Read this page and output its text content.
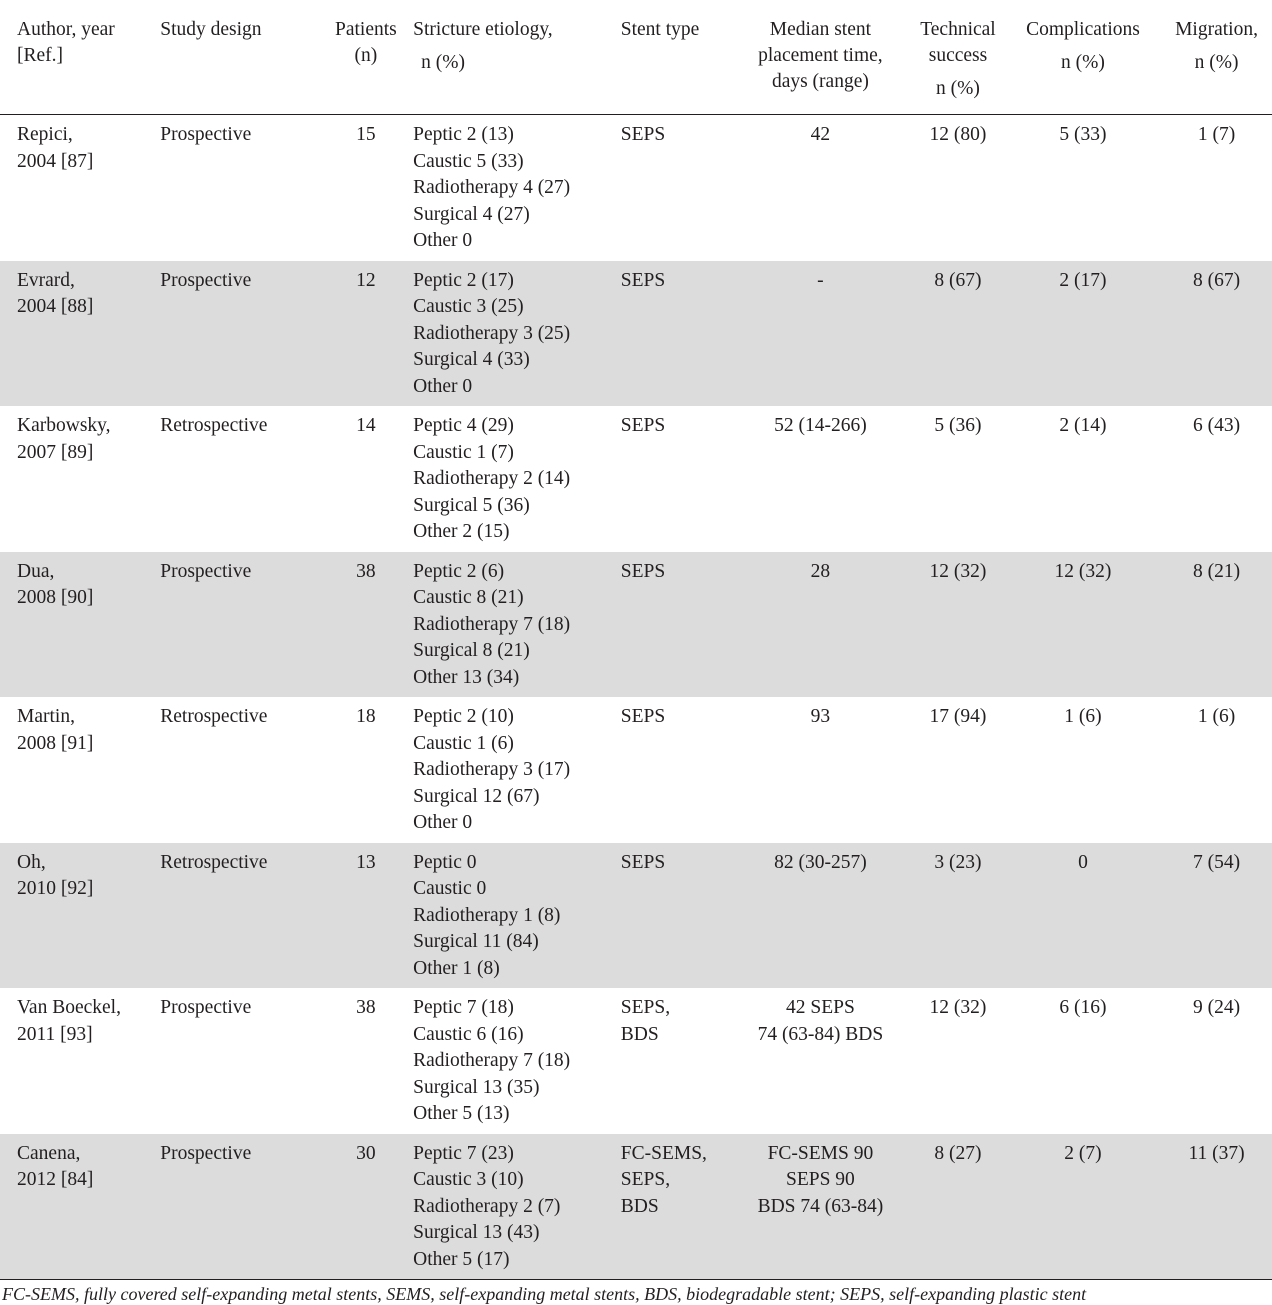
Author, year
[Ref.]	Study design	Patients
(n)	Stricture etiology,
n (%)	Stent type	Median stent
placement time,
days (range)	Technical
success
n (%)	Complications
n (%)	Migration,
n (%)

Repici,
2004 [87]	Prospective	15	Peptic 2 (13)
Caustic 5 (33)
Radiotherapy 4 (27)
Surgical 4 (27)
Other 0	SEPS	42	12 (80)	5 (33)	1 (7)

Evrard,
2004 [88]	Prospective	12	Peptic 2 (17)
Caustic 3 (25)
Radiotherapy 3 (25)
Surgical 4 (33)
Other 0	SEPS	-	8 (67)	2 (17)	8 (67)

Karbowsky,
2007 [89]	Retrospective	14	Peptic 4 (29)
Caustic 1 (7)
Radiotherapy 2 (14)
Surgical 5 (36)
Other 2 (15)	SEPS	52 (14-266)	5 (36)	2 (14)	6 (43)

Dua,
2008 [90]	Prospective	38	Peptic 2 (6)
Caustic 8 (21)
Radiotherapy 7 (18)
Surgical 8 (21)
Other 13 (34)	SEPS	28	12 (32)	12 (32)	8 (21)

Martin,
2008 [91]	Retrospective	18	Peptic 2 (10)
Caustic 1 (6)
Radiotherapy 3 (17)
Surgical 12 (67)
Other 0	SEPS	93	17 (94)	1 (6)	1 (6)

Oh,
2010 [92]	Retrospective	13	Peptic 0
Caustic 0
Radiotherapy 1 (8)
Surgical 11 (84)
Other 1 (8)	SEPS	82 (30-257)	3 (23)	0	7 (54)

Van Boeckel,
2011 [93]	Prospective	38	Peptic 7 (18)
Caustic 6 (16)
Radiotherapy 7 (18)
Surgical 13 (35)
Other 5 (13)	SEPS,
BDS	42 SEPS
74 (63-84) BDS	12 (32)	6 (16)	9 (24)

Canena,
2012 [84]	Prospective	30	Peptic 7 (23)
Caustic 3 (10)
Radiotherapy 2 (7)
Surgical 13 (43)
Other 5 (17)	FC-SEMS,
SEPS,
BDS	FC-SEMS 90
SEPS 90
BDS 74 (63-84)	8 (27)	2 (7)	11 (37)
FC-SEMS, fully covered self-expanding metal stents, SEMS, self-expanding metal stents, BDS, biodegradable stent; SEPS, self-expanding plastic stent
